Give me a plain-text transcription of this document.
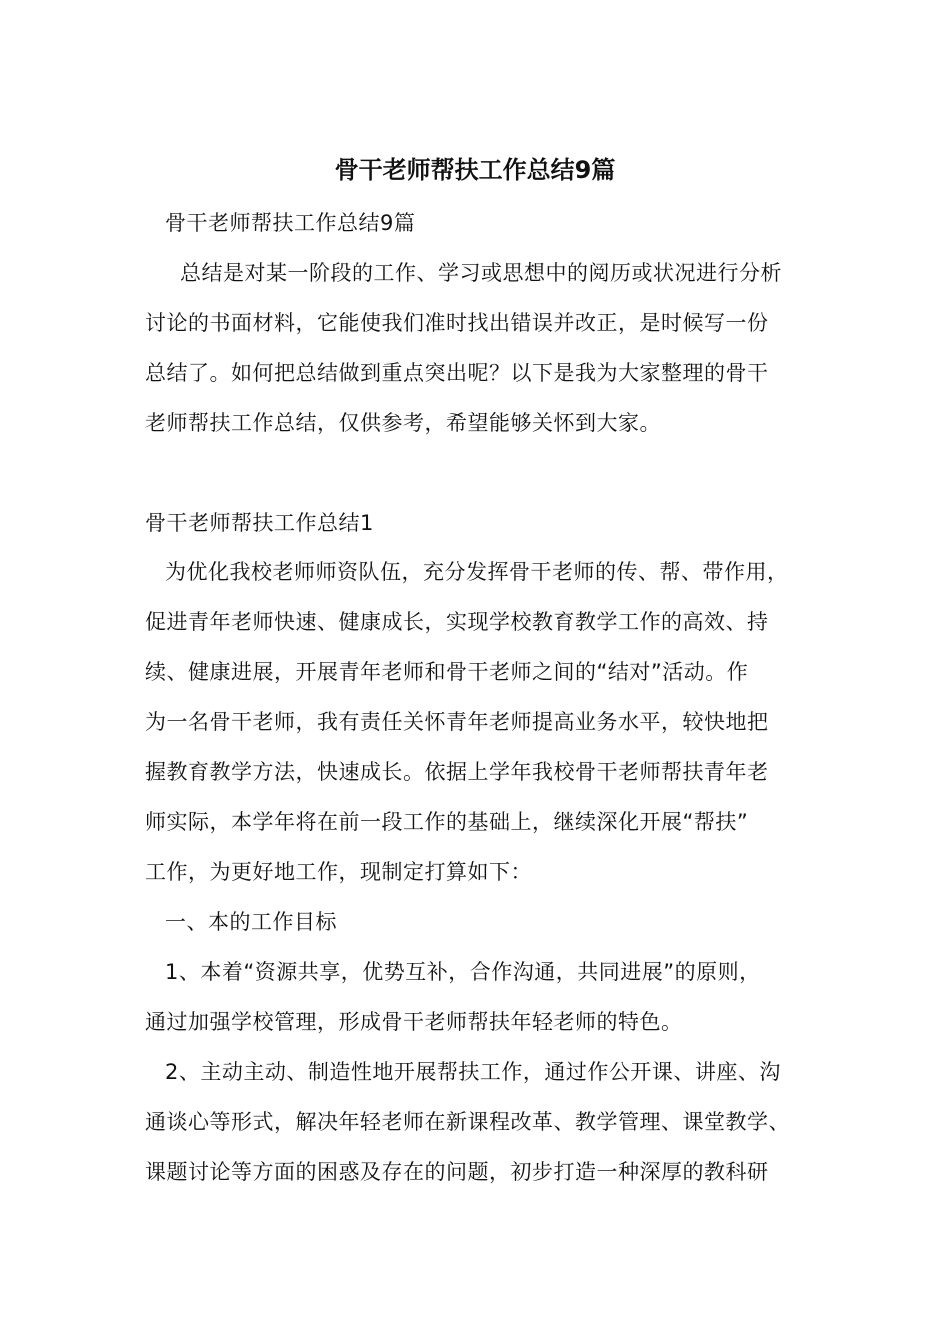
骨干老师帮扶工作总结9篇
骨干老师帮扶工作总结9篇
总结是对某一阶段的工作、学习或思想中的阅历或状况进行分析
讨论的书面材料，它能使我们准时找出错误并改正，是时候写一份
总结了。如何把总结做到重点突出呢？以下是我为大家整理的骨干
老师帮扶工作总结，仅供参考，希望能够关怀到大家。
骨干老师帮扶工作总结1
为优化我校老师师资队伍，充分发挥骨干老师的传、帮、带作用，
促进青年老师快速、健康成长，实现学校教育教学工作的高效、持
续、健康进展，开展青年老师和骨干老师之间的“结对”活动。作
为一名骨干老师，我有责任关怀青年老师提高业务水平，较快地把
握教育教学方法，快速成长。依据上学年我校骨干老师帮扶青年老
师实际，本学年将在前一段工作的基础上，继续深化开展“帮扶”
工作，为更好地工作，现制定打算如下：
一、本的工作目标
1、本着“资源共享，优势互补，合作沟通，共同进展”的原则，
通过加强学校管理，形成骨干老师帮扶年轻老师的特色。
2、主动主动、制造性地开展帮扶工作，通过作公开课、讲座、沟
通谈心等形式，解决年轻老师在新课程改革、教学管理、课堂教学、
课题讨论等方面的困惑及存在的问题，初步打造一种深厚的教科研
